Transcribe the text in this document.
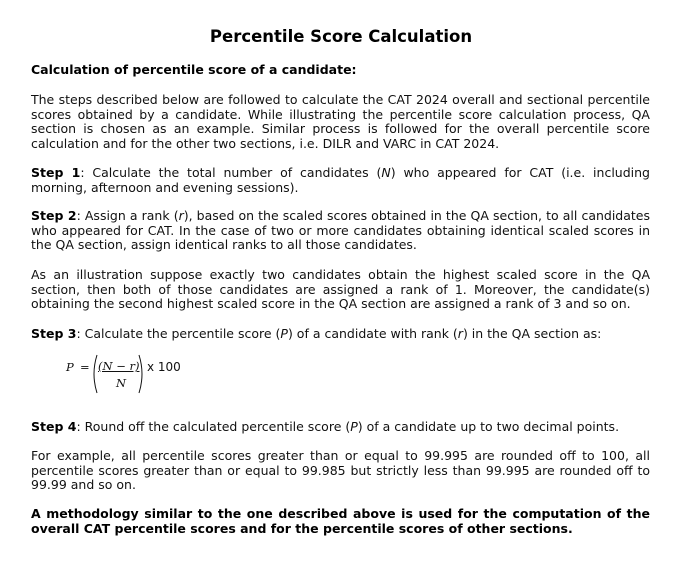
Percentile Score Calculation
Calculation of percentile score of a candidate:
The steps described below are followed to calculate the CAT 2024 overall and sectional percentile scores obtained by a candidate. While illustrating the percentile score calculation process, QA section is chosen as an example. Similar process is followed for the overall percentile score calculation and for the other two sections, i.e. DILR and VARC in CAT 2024.
Step 1: Calculate the total number of candidates (N) who appeared for CAT (i.e. including morning, afternoon and evening sessions).
Step 2: Assign a rank (r), based on the scaled scores obtained in the QA section, to all candidates who appeared for CAT. In the case of two or more candidates obtaining identical scaled scores in the QA section, assign identical ranks to all those candidates.
As an illustration suppose exactly two candidates obtain the highest scaled score in the QA section, then both of those candidates are assigned a rank of 1. Moreover, the candidate(s) obtaining the second highest scaled score in the QA section are assigned a rank of 3 and so on.
Step 3: Calculate the percentile score (P) of a candidate with rank (r) in the QA section as:
P = (N − r)
N
x 100
Step 4: Round off the calculated percentile score (P) of a candidate up to two decimal points.
For example, all percentile scores greater than or equal to 99.995 are rounded off to 100, all percentile scores greater than or equal to 99.985 but strictly less than 99.995 are rounded off to 99.99 and so on.
A methodology similar to the one described above is used for the computation of the overall CAT percentile scores and for the percentile scores of other sections.
